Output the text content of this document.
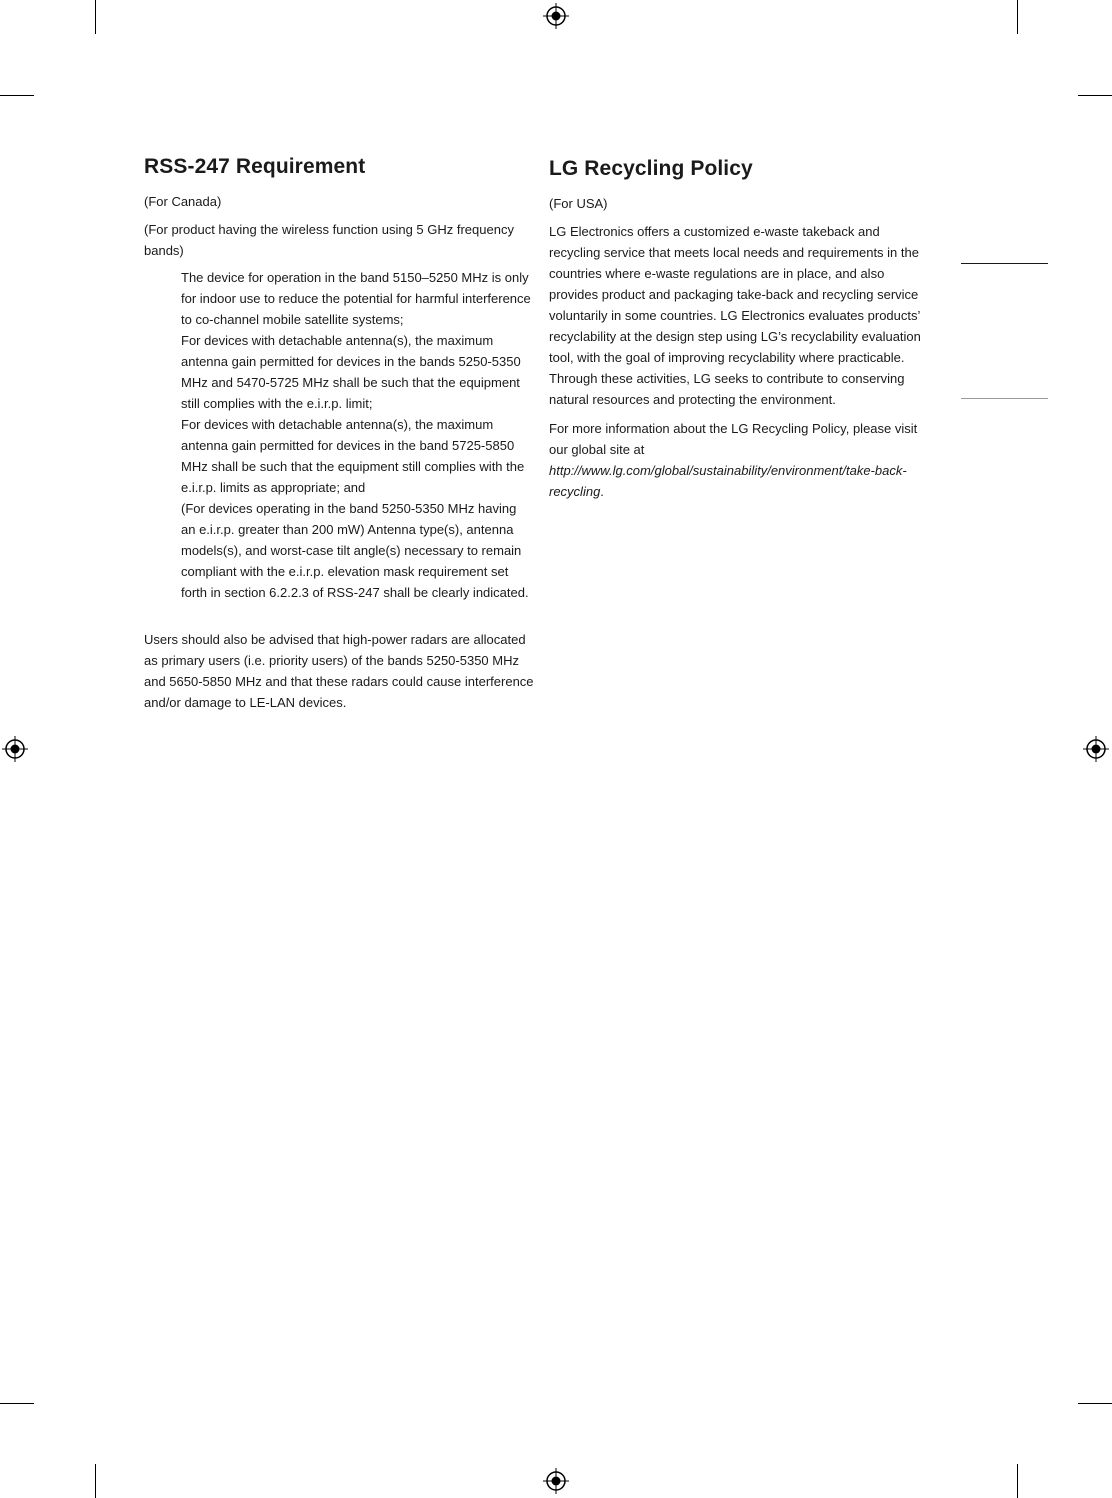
RSS-247 Requirement

(For Canada)

(For product having the wireless function using 5 GHz frequency bands)

The device for operation in the band 5150–5250 MHz is only for indoor use to reduce the potential for harmful interference to co-channel mobile satellite systems;
For devices with detachable antenna(s), the maximum antenna gain permitted for devices in the bands 5250-5350 MHz and 5470-5725 MHz shall be such that the equipment still complies with the e.i.r.p. limit;
For devices with detachable antenna(s), the maximum antenna gain permitted for devices in the band 5725-5850 MHz shall be such that the equipment still complies with the e.i.r.p. limits as appropriate; and
(For devices operating in the band 5250-5350 MHz having an e.i.r.p. greater than 200 mW) Antenna type(s), antenna models(s), and worst-case tilt angle(s) necessary to remain compliant with the e.i.r.p. elevation mask requirement set forth in section 6.2.2.3 of RSS-247 shall be clearly indicated.

Users should also be advised that high-power radars are allocated as primary users (i.e. priority users) of the bands 5250-5350 MHz and 5650-5850 MHz and that these radars could cause interference and/or damage to LE-LAN devices.

LG Recycling Policy

(For USA)

LG Electronics offers a customized e-waste takeback and recycling service that meets local needs and requirements in the countries where e-waste regulations are in place, and also provides product and packaging take-back and recycling service voluntarily in some countries. LG Electronics evaluates products’ recyclability at the design step using LG’s recyclability evaluation tool, with the goal of improving recyclability where practicable. Through these activities, LG seeks to contribute to conserving natural resources and protecting the environment.

For more information about the LG Recycling Policy, please visit our global site at http://www.lg.com/global/sustainability/environment/take-back-recycling.
